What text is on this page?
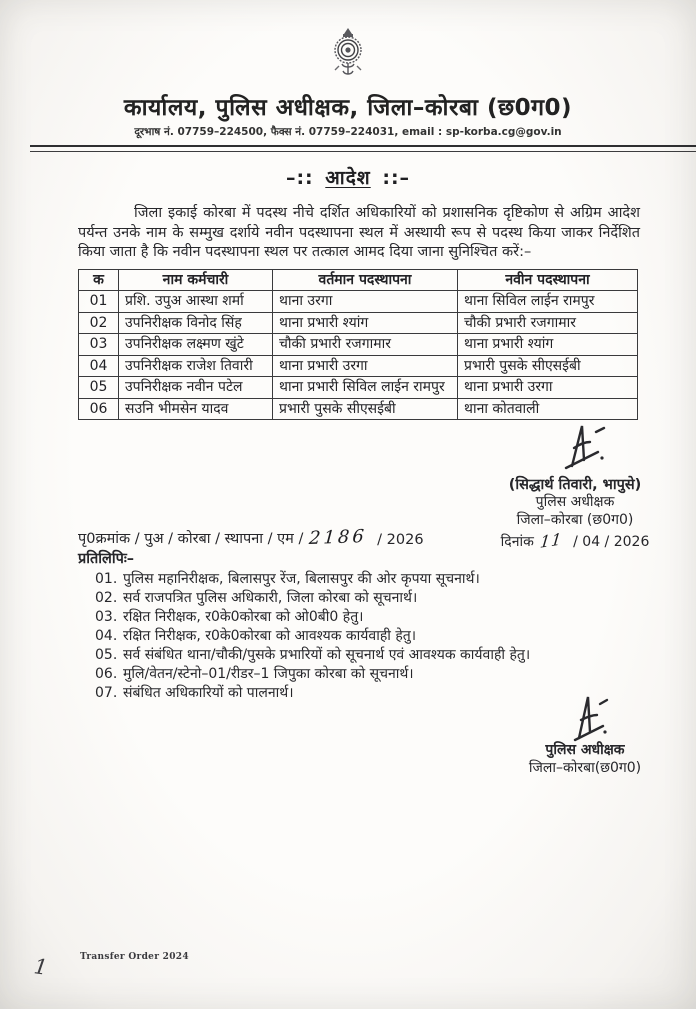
कार्यालय, पुलिस अधीक्षक, जिला–कोरबा (छ0ग0)
दूरभाष नं. 07759–224500, फैक्स नं. 07759–224031, email : sp-korba.cg@gov.in
–:: आदेश ::–
जिला इकाई कोरबा में पदस्थ नीचे दर्शित अधिकारियों को प्रशासनिक दृष्टिकोण से अग्रिम आदेश पर्यन्त उनके नाम के सम्मुख दर्शाये नवीन पदस्थापना स्थल में अस्थायी रूप से पदस्थ किया जाकर निर्देशित किया जाता है कि नवीन पदस्थापना स्थल पर तत्काल आमद दिया जाना सुनिश्चित करें:–
क	नाम कर्मचारी	वर्तमान पदस्थापना	नवीन पदस्थापना
01	प्रशि. उपुअ आस्था शर्मा	थाना उरगा	थाना सिविल लाईन रामपुर
02	उपनिरीक्षक विनोद सिंह	थाना प्रभारी श्यांग	चौकी प्रभारी रजगामार
03	उपनिरीक्षक लक्ष्मण खुंटे	चौकी प्रभारी रजगामार	थाना प्रभारी श्यांग
04	उपनिरीक्षक राजेश तिवारी	थाना प्रभारी उरगा	प्रभारी पुसके सीएसईबी
05	उपनिरीक्षक नवीन पटेल	थाना प्रभारी सिविल लाईन रामपुर	थाना प्रभारी उरगा
06	सउनि भीमसेन यादव	प्रभारी पुसके सीएसईबी	थाना कोतवाली
(सिद्धार्थ तिवारी, भापुसे)
पुलिस अधीक्षक
जिला–कोरबा (छ0ग0)
दिनांक 11 / 04 / 2026
पृ0क्रमांक / पुअ / कोरबा / स्थापना / एम / 2186 / 2026
प्रतिलिपिः–
01. पुलिस महानिरीक्षक, बिलासपुर रेंज, बिलासपुर की ओर कृपया सूचनार्थ।
02. सर्व राजपत्रित पुलिस अधिकारी, जिला कोरबा को सूचनार्थ।
03. रक्षित निरीक्षक, र0के0कोरबा को ओ0बी0 हेतु।
04. रक्षित निरीक्षक, र0के0कोरबा को आवश्यक कार्यवाही हेतु।
05. सर्व संबंधित थाना/चौकी/पुसके प्रभारियों को सूचनार्थ एवं आवश्यक कार्यवाही हेतु।
06. मुलि/वेतन/स्टेनो–01/रीडर–1 जिपुका कोरबा को सूचनार्थ।
07. संबंधित अधिकारियों को पालनार्थ।
पुलिस अधीक्षक
जिला–कोरबा(छ0ग0)
Transfer Order 2024
1
